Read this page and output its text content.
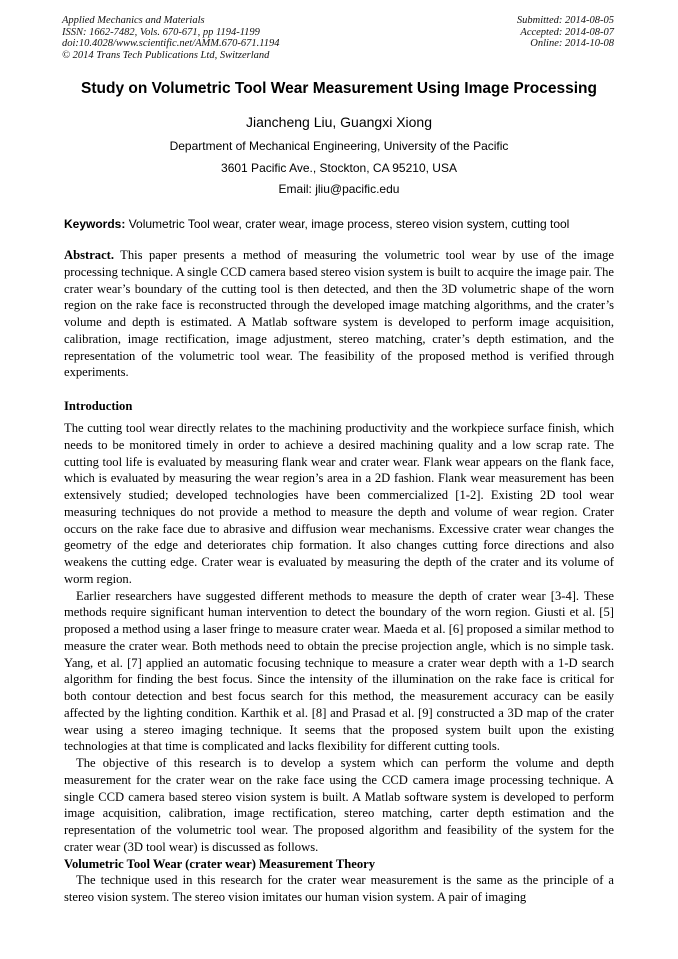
Applied Mechanics and Materials
ISSN: 1662-7482, Vols. 670-671, pp 1194-1199
doi:10.4028/www.scientific.net/AMM.670-671.1194
© 2014 Trans Tech Publications Ltd, Switzerland
Submitted: 2014-08-05
Accepted: 2014-08-07
Online: 2014-10-08
Study on Volumetric Tool Wear Measurement Using Image Processing
Jiancheng Liu, Guangxi Xiong
Department of Mechanical Engineering, University of the Pacific
3601 Pacific Ave., Stockton, CA 95210, USA
Email: jliu@pacific.edu
Keywords: Volumetric Tool wear, crater wear, image process, stereo vision system, cutting tool

Abstract. This paper presents a method of measuring the volumetric tool wear by use of the image processing technique. A single CCD camera based stereo vision system is built to acquire the image pair. The crater wear’s boundary of the cutting tool is then detected, and then the 3D volumetric shape of the worn region on the rake face is reconstructed through the developed image matching algorithms, and the crater’s volume and depth is estimated. A Matlab software system is developed to perform image acquisition, calibration, image rectification, image adjustment, stereo matching, crater’s depth estimation, and the representation of the volumetric tool wear. The feasibility of the proposed method is verified through experiments.

Introduction

The cutting tool wear directly relates to the machining productivity and the workpiece surface finish, which needs to be monitored timely in order to achieve a desired machining quality and a low scrap rate. The cutting tool life is evaluated by measuring flank wear and crater wear. Flank wear appears on the flank face, which is evaluated by measuring the wear region’s area in a 2D fashion. Flank wear measurement has been extensively studied; developed technologies have been commercialized [1-2]. Existing 2D tool wear measuring techniques do not provide a method to measure the depth and volume of wear region. Crater occurs on the rake face due to abrasive and diffusion wear mechanisms. Excessive crater wear changes the geometry of the edge and deteriorates chip formation. It also changes cutting force directions and also weakens the cutting edge. Crater wear is evaluated by measuring the depth of the crater and its volume of worm region.

Earlier researchers have suggested different methods to measure the depth of crater wear [3-4]. These methods require significant human intervention to detect the boundary of the worn region. Giusti et al. [5] proposed a method using a laser fringe to measure crater wear. Maeda et al. [6] proposed a similar method to measure the crater wear. Both methods need to obtain the precise projection angle, which is no simple task. Yang, et al. [7] applied an automatic focusing technique to measure a crater wear depth with a 1-D search algorithm for finding the best focus. Since the intensity of the illumination on the rake face is critical for both contour detection and best focus search for this method, the measurement accuracy can be easily affected by the lighting condition. Karthik et al. [8] and Prasad et al. [9] constructed a 3D map of the crater wear using a stereo imaging technique. It seems that the proposed system built upon the existing technologies at that time is complicated and lacks flexibility for different cutting tools.

The objective of this research is to develop a system which can perform the volume and depth measurement for the crater wear on the rake face using the CCD camera image processing technique. A single CCD camera based stereo vision system is built. A Matlab software system is developed to perform image acquisition, calibration, image rectification, stereo matching, carter depth estimation and the representation of the volumetric tool wear. The proposed algorithm and feasibility of the system for the crater wear (3D tool wear) is discussed as follows.

Volumetric Tool Wear (crater wear) Measurement Theory

The technique used in this research for the crater wear measurement is the same as the principle of a stereo vision system. The stereo vision imitates our human vision system. A pair of imaging
